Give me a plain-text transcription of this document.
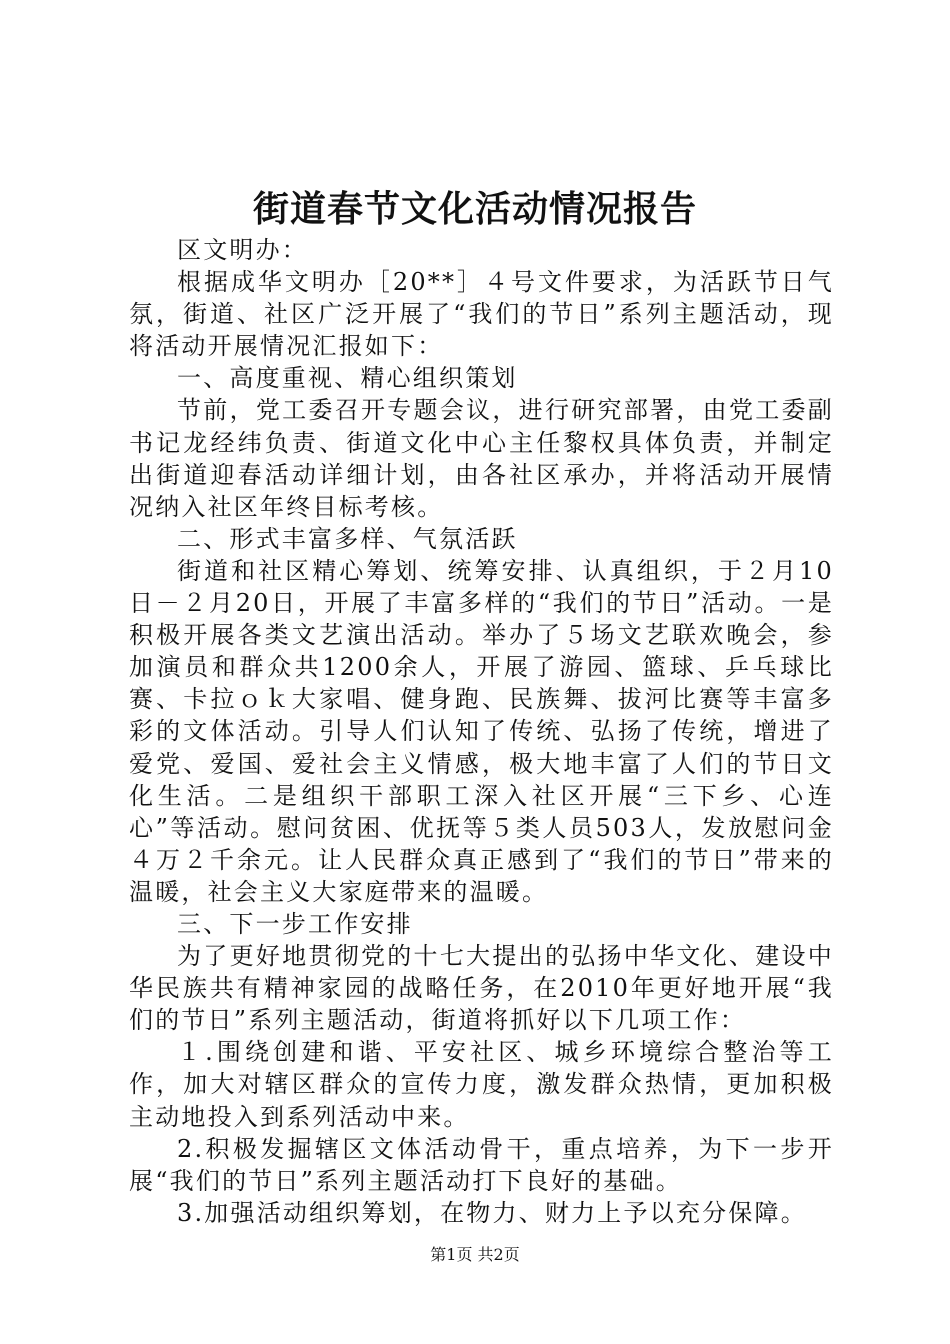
街道春节文化活动情况报告

区文明办：

根据成华文明办［20**］４号文件要求，为活跃节日气氛，街道、社区广泛开展了“我们的节日”系列主题活动，现将活动开展情况汇报如下：

一、高度重视、精心组织策划

节前，党工委召开专题会议，进行研究部署，由党工委副书记龙经纬负责、街道文化中心主任黎权具体负责，并制定出街道迎春活动详细计划，由各社区承办，并将活动开展情况纳入社区年终目标考核。

二、形式丰富多样、气氛活跃

街道和社区精心筹划、统筹安排、认真组织，于２月10日－２月20日，开展了丰富多样的“我们的节日”活动。一是积极开展各类文艺演出活动。举办了５场文艺联欢晚会，参加演员和群众共1200余人，开展了游园、篮球、乒乓球比赛、卡拉ｏｋ大家唱、健身跑、民族舞、拔河比赛等丰富多彩的文体活动。引导人们认知了传统、弘扬了传统，增进了爱党、爱国、爱社会主义情感，极大地丰富了人们的节日文化生活。二是组织干部职工深入社区开展“三下乡、心连心”等活动。慰问贫困、优抚等５类人员503人，发放慰问金４万２千余元。让人民群众真正感到了“我们的节日”带来的温暖，社会主义大家庭带来的温暖。

三、下一步工作安排

为了更好地贯彻党的十七大提出的弘扬中华文化、建设中华民族共有精神家园的战略任务，在2010年更好地开展“我们的节日”系列主题活动，街道将抓好以下几项工作：

１.围绕创建和谐、平安社区、城乡环境综合整治等工作，加大对辖区群众的宣传力度，激发群众热情，更加积极主动地投入到系列活动中来。

2.积极发掘辖区文体活动骨干，重点培养，为下一步开展“我们的节日”系列主题活动打下良好的基础。

3.加强活动组织筹划，在物力、财力上予以充分保障。

第1页 共2页
